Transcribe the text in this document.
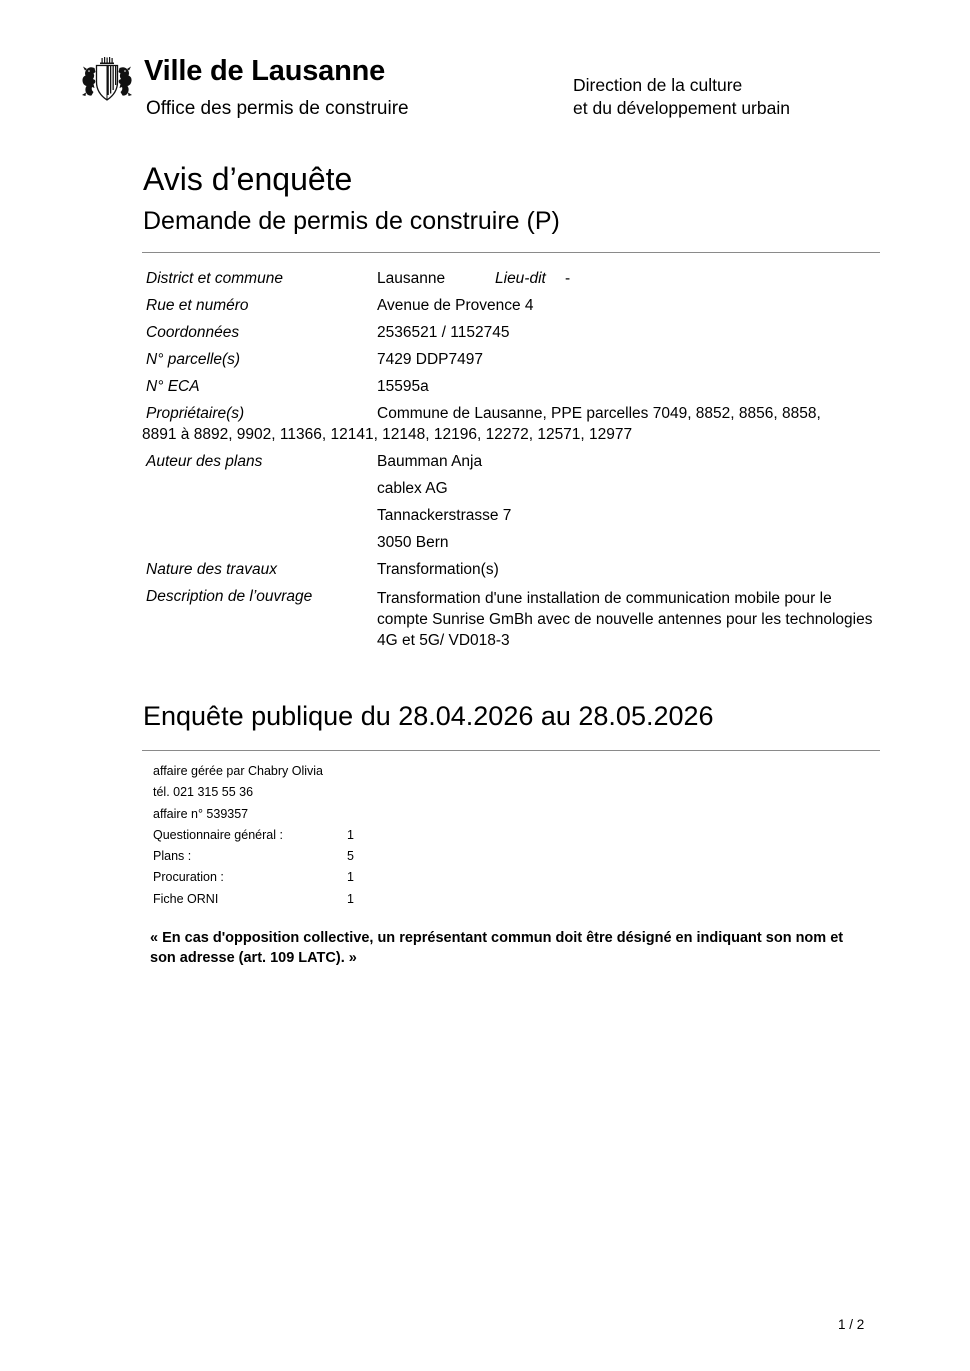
Ville de Lausanne
Office des permis de construire
Direction de la culture
et du développement urbain
Avis d’enquête
Demande de permis de construire (P)
District et commune	Lausanne	Lieu-dit -
Rue et numéro	Avenue de Provence 4
Coordonnées	2536521 / 1152745
N° parcelle(s)	7429 DDP7497
N° ECA	15595a
Propriétaire(s)	Commune de Lausanne, PPE parcelles 7049, 8852, 8856, 8858,
8891 à 8892, 9902, 11366, 12141, 12148, 12196, 12272, 12571, 12977
Auteur des plans	Baumman Anja
cablex AG
Tannackerstrasse 7
3050 Bern
Nature des travaux	Transformation(s)
Description de l’ouvrage	Transformation d'une installation de communication mobile pour le compte Sunrise GmBh avec de nouvelle antennes pour les technologies 4G et 5G/ VD018-3
Enquête publique du 28.04.2026 au 28.05.2026
affaire gérée par Chabry Olivia
tél. 021 315 55 36
affaire n° 539357
Questionnaire général :	1
Plans :	5
Procuration :	1
Fiche ORNI	1
« En cas d'opposition collective, un représentant commun doit être désigné en indiquant son nom et son adresse (art. 109 LATC). »
1 / 2
